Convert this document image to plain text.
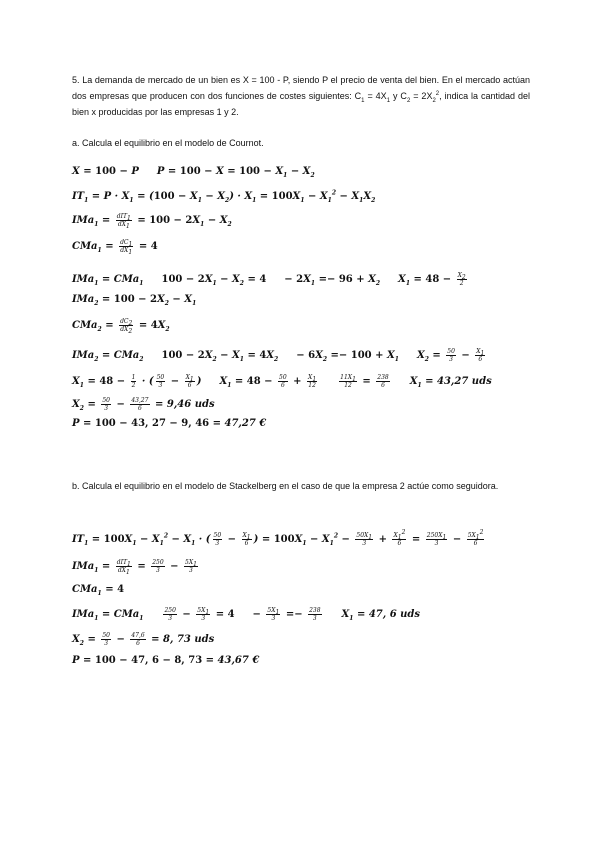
5. La demanda de mercado de un bien es X = 100 - P, siendo P el precio de venta del bien. En el mercado actúan dos empresas que producen con dos funciones de costes siguientes: $C_1 = 4X_1$ y $C_2 = 2X_2^2$, indica la cantidad del bien x producidas por las empresas 1 y 2.
a. Calcula el equilibrio en el modelo de Cournot.
X = 100 − P $P = 100 - X = 100 - X_1 - X_2$
$IT_1 = P \cdot X_1 = (100 - X_1 - X_2) \cdot X_1 = 100X_1 - X_1^2 - X_1X_2$
IMa$_1$ = dIT$_1$
$dX_1$
= $100 - 2X_1 - X_2$
$CMa_1 = \frac{dC_1}{dX_1} = 4$
IMa$_1$ = CMa$_1$ $100 - 2X_1 - X_2 = 4 - 2X_1 =- 96 + X_2$ $X_1 = 48 - \frac{X_2}{2}$
$IMa_2 = 100 - 2X_2 - X_1$
$CMa_2 = \frac{dC_2}{dX_2} = 4X_2$
IMa$_2$ = CMa$_2$ $100 - 2X_2 - X_1 = 4X_2 - 6X_2 =- 100 + X_1$ $X_2 = \frac{50}{3} - \frac{X_1}{6}$
$X_1 = 48 - \frac{1}{2}$ · ( $\frac{50}{3} - \frac{X_1}{6}$ ) $X_1 = 48 - \frac{50}{6} + \frac{X_1}{12}$	$\frac{11X_1}{12} = \frac{238}{6} X_1 = 43,27$ uds
$X_2 = \frac{50}{3} - \frac{43,27}{6} = 9,46$ uds
P = 100 − 43, 27 − 9, 46 = 47,27 €
b. Calcula el equilibrio en el modelo de Stackelberg en el caso de que la empresa 2 actúe como seguidora.
$IT_1 = 100X_1 - X_1^2 - X_1$ · ( $\frac{50}{3} - \frac{X_1}{6}$ ) = $100X_1 - X_1^2 - \frac{50X_1}{3} + \frac{X_1^2}{6} = \frac{250X_1}{3} - \frac{5X_1^2}{6}$
IMa$_1$ = dIT$_1$
$dX_1$
= $\frac{250}{3} - \frac{5X_1}{3}$
CMa$_1$ = 4
IMa$_1$ = CMa$_1$	$\frac{250}{3} - \frac{5X_1}{3} = 4 - \frac{5X_1}{3} =- \frac{238}{3} X_1 = 47$, 6 uds
$X_2 = \frac{50}{3} - \frac{47,6}{6} = 8$, 73 uds
P = 100 − 47, 6 − 8, 73 = 43,67 €
